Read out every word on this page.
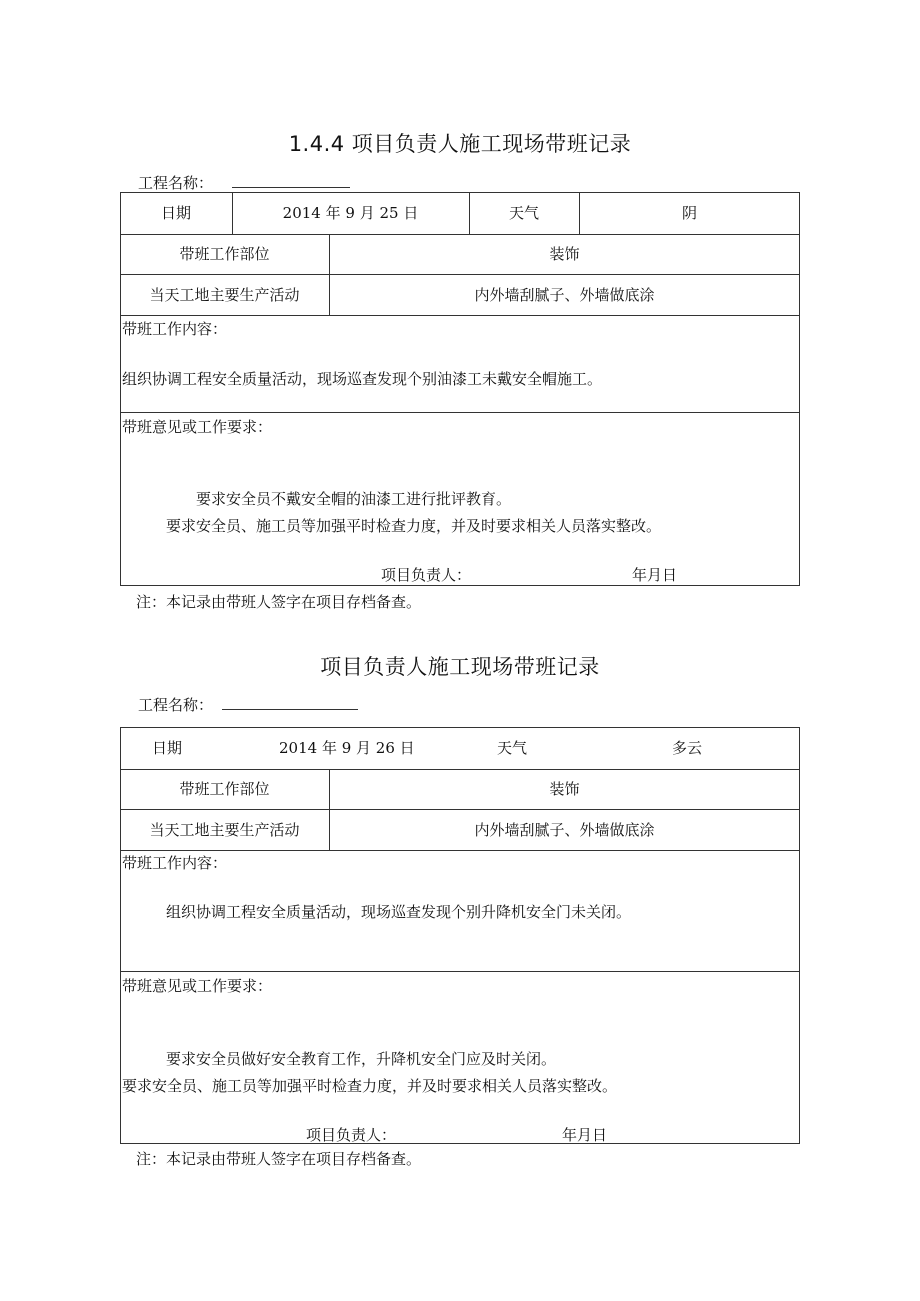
1.4.4 项目负责人施工现场带班记录
工程名称：
日期	2014 年 9 月 25 日	天气	阴
带班工作部位	装饰
当天工地主要生产活动	内外墙刮腻子、外墙做底涂
带班工作内容：
组织协调工程安全质量活动，现场巡查发现个别油漆工未戴安全帽施工。
带班意见或工作要求：
要求安全员不戴安全帽的油漆工进行批评教育。
要求安全员、施工员等加强平时检查力度，并及时要求相关人员落实整改。
项目负责人：	年月日
注：本记录由带班人签字在项目存档备查。
项目负责人施工现场带班记录
工程名称：
日期	2014 年 9 月 26 日	天气	多云
带班工作部位	装饰
当天工地主要生产活动	内外墙刮腻子、外墙做底涂
带班工作内容：
组织协调工程安全质量活动，现场巡查发现个别升降机安全门未关闭。
带班意见或工作要求：
要求安全员做好安全教育工作，升降机安全门应及时关闭。
要求安全员、施工员等加强平时检查力度，并及时要求相关人员落实整改。
项目负责人：	年月日
注：本记录由带班人签字在项目存档备查。
